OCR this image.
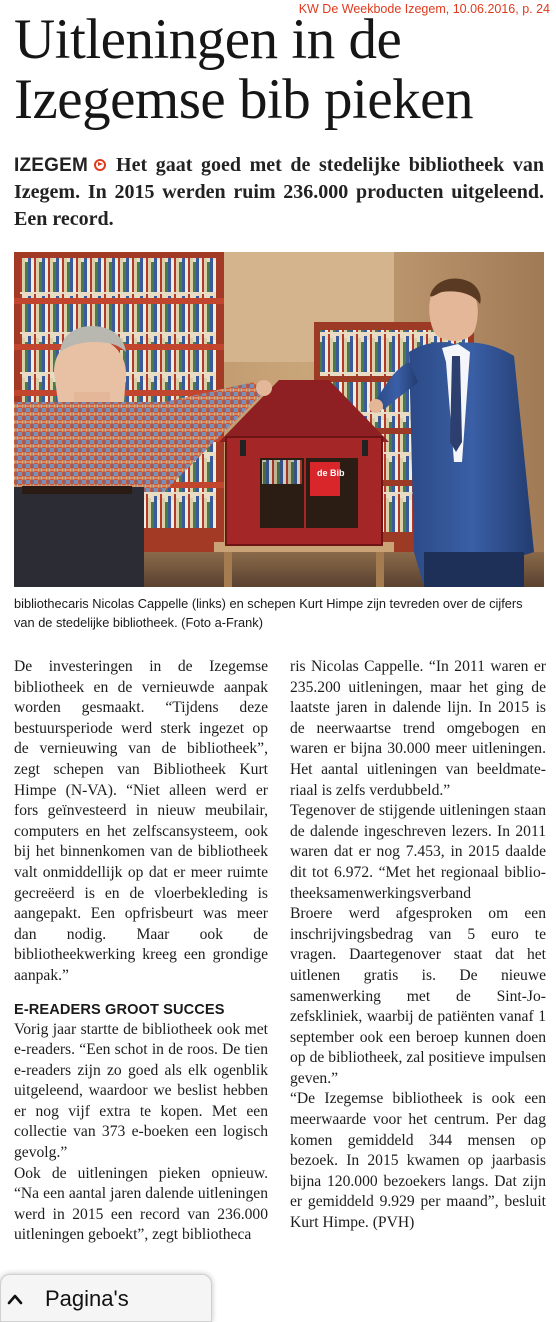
KW De Weekbode Izegem, 10.06.2016, p. 24
Uitleningen in de Izegemse bib pieken
IZEGEM Het gaat goed met de stedelijke bibliotheek van Izegem. In 2015 werden ruim 236.000 producten uitgeleend. Een record.
de Bib
bibliothecaris Nicolas Cappelle (links) en schepen Kurt Himpe zijn tevreden over de cijfers van de stedelijke bibliotheek. (Foto a-Frank)

De investeringen in de Izegemse bibliotheek en de vernieuwde aanpak worden gesmaakt. “Tijdens deze bestuursperiode werd sterk ingezet op de vernieuwing van de bibliotheek”, zegt schepen van Bibliotheek Kurt Himpe (N-VA). “Niet alleen werd er fors geïnvesteerd in nieuw meubilair, computers en het zelfscansysteem, ook bij het binnenkomen van de bibliotheek valt onmiddellijk op dat er meer ruimte gecreëerd is en de vloerbekleding is aangepakt. Een opfrisbeurt was meer dan nodig. Maar ook de bibliotheekwerking kreeg een grondige aanpak.”

E-READERS GROOT SUCCES

Vorig jaar startte de bibliotheek ook met e-readers. “Een schot in de roos. De tien e-readers zijn zo goed als elk ogenblik uitgeleend, waardoor we beslist hebben er nog vijf extra te kopen. Met een collectie van 373 e-boeken een logisch gevolg.”

Ook de uitleningen pieken opnieuw. “Na een aantal jaren dalende uitleningen werd in 2015 een record van 236.000 uitleningen geboekt”, zegt bibliotheca

ris Nicolas Cappelle. “In 2011 waren er 235.200 uitleningen, maar het ging de laatste jaren in dalende lijn. In 2015 is de neerwaartse trend omgebogen en waren er bijna 30.000 meer uitleningen. Het aantal uitleningen van beeldmateriaal is zelfs verdubbeld.”

Tegenover de stijgende uitleningen staan de dalende ingeschreven lezers. In 2011 waren dat er nog 7.453, in 2015 daalde dit tot 6.972. “Met het regionaal bibliotheeksamenwerkingsverband

Broere werd afgesproken om een inschrijvingsbedrag van 5 euro te vragen. Daartegenover staat dat het uitlenen gratis is. De nieuwe samenwerking met de Sint-Jozefskliniek, waarbij de patiënten vanaf 1 september ook een beroep kunnen doen op de bibliotheek, zal positieve impulsen geven.”

“De Izegemse bibliotheek is ook een meerwaarde voor het centrum. Per dag komen gemiddeld 344 mensen op bezoek. In 2015 kwamen op jaarbasis bijna 120.000 bezoekers langs. Dat zijn er gemiddeld 9.929 per maand”, besluit Kurt Himpe. (PVH)

Pagina's
